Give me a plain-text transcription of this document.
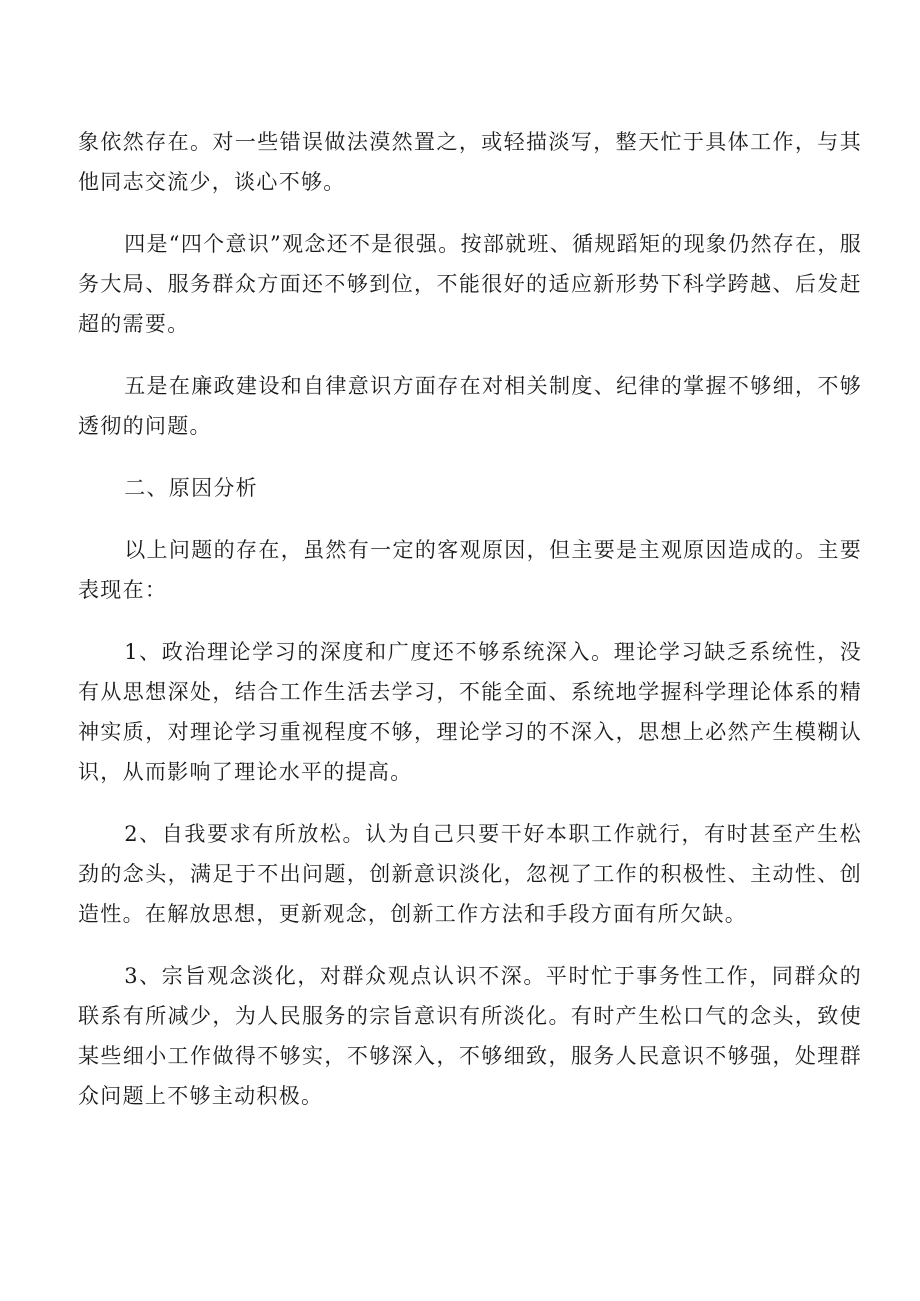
象依然存在。对一些错误做法漠然置之，或轻描淡写，整天忙于具体工作，与其他同志交流少，谈心不够。

四是“四个意识”观念还不是很强。按部就班、循规蹈矩的现象仍然存在，服务大局、服务群众方面还不够到位，不能很好的适应新形势下科学跨越、后发赶超的需要。

五是在廉政建设和自律意识方面存在对相关制度、纪律的掌握不够细，不够透彻的问题。

二、原因分析

以上问题的存在，虽然有一定的客观原因，但主要是主观原因造成的。主要表现在：

1、政治理论学习的深度和广度还不够系统深入。理论学习缺乏系统性，没有从思想深处，结合工作生活去学习，不能全面、系统地学握科学理论体系的精神实质，对理论学习重视程度不够，理论学习的不深入，思想上必然产生模糊认识，从而影响了理论水平的提高。

2、自我要求有所放松。认为自己只要干好本职工作就行，有时甚至产生松劲的念头，满足于不出问题，创新意识淡化，忽视了工作的积极性、主动性、创造性。在解放思想，更新观念，创新工作方法和手段方面有所欠缺。

3、宗旨观念淡化，对群众观点认识不深。平时忙于事务性工作，同群众的联系有所减少，为人民服务的宗旨意识有所淡化。有时产生松口气的念头，致使某些细小工作做得不够实，不够深入，不够细致，服务人民意识不够强，处理群众问题上不够主动积极。
